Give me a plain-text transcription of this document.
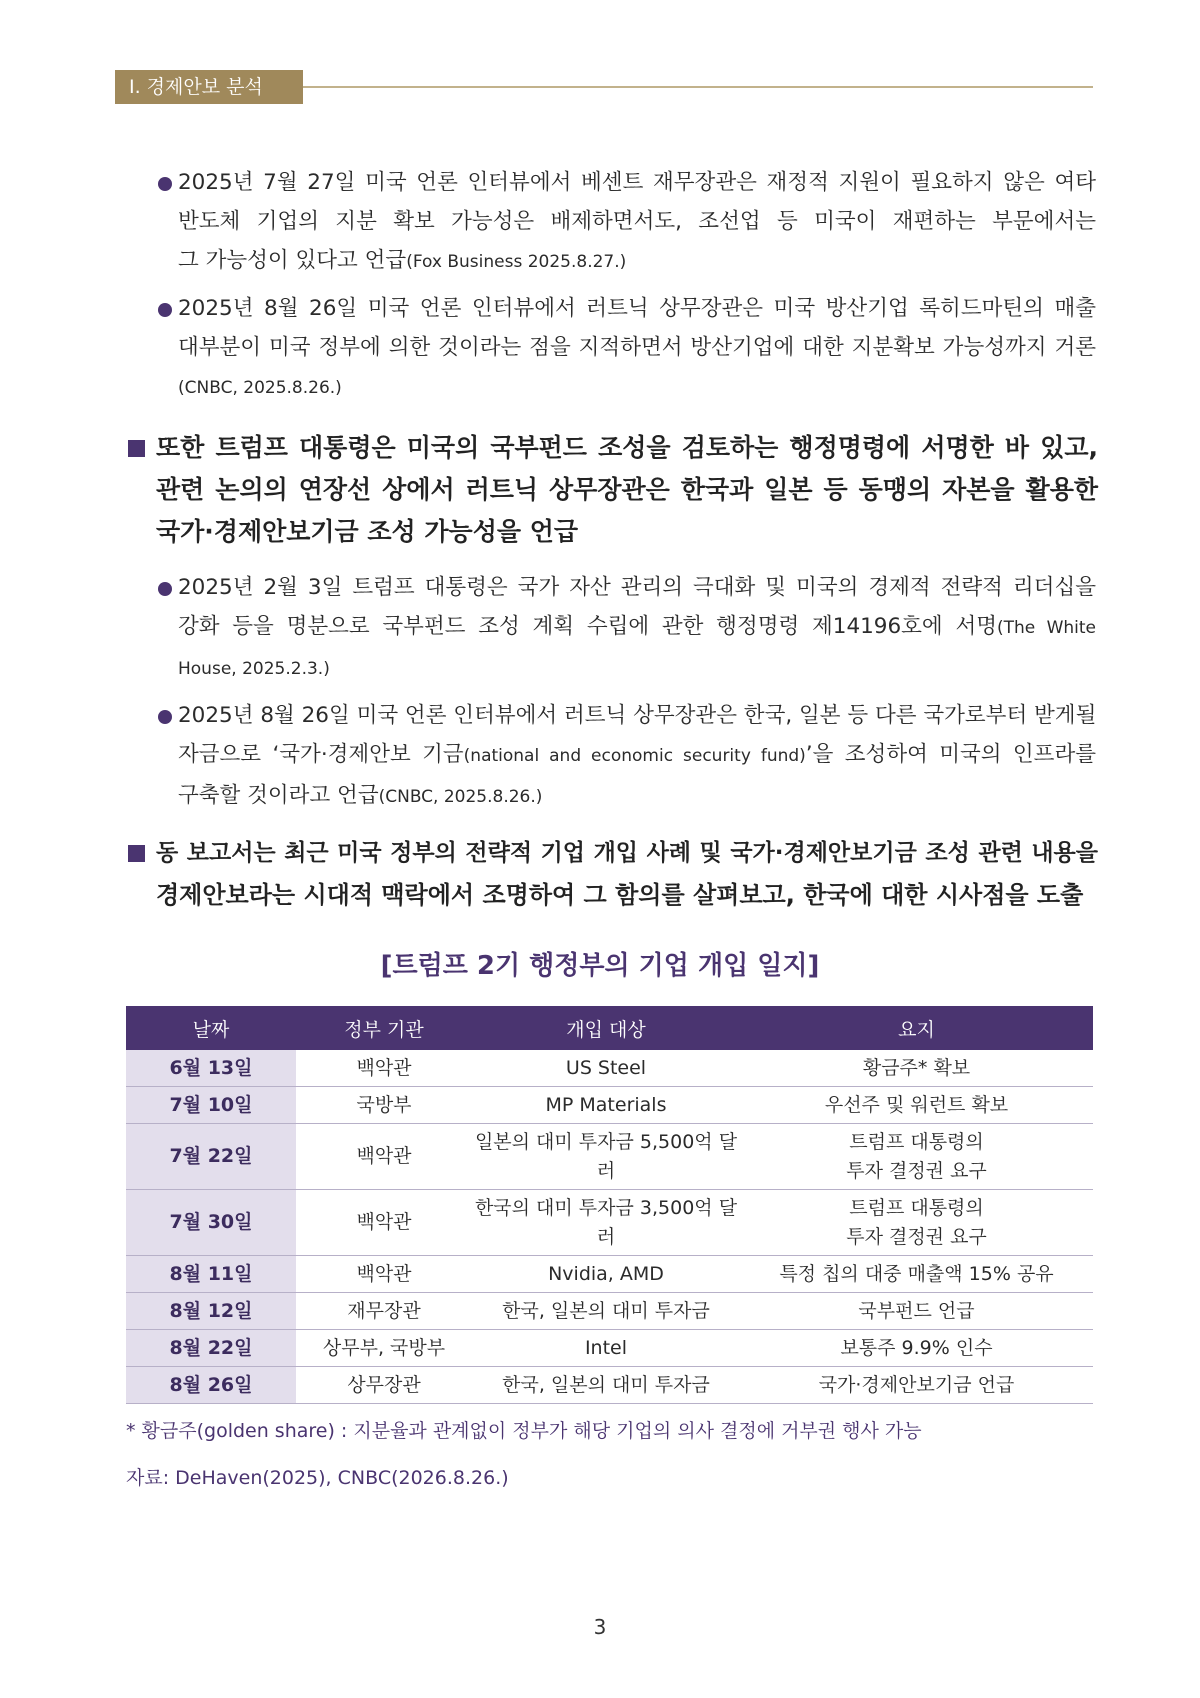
Ⅰ. 경제안보 분석
2025년 7월 27일 미국 언론 인터뷰에서 베센트 재무장관은 재정적 지원이 필요하지 않은 여타
반도체 기업의 지분 확보 가능성은 배제하면서도, 조선업 등 미국이 재편하는 부문에서는
그 가능성이 있다고 언급(Fox Business 2025.8.27.)
2025년 8월 26일 미국 언론 인터뷰에서 러트닉 상무장관은 미국 방산기업 록히드마틴의 매출
대부분이 미국 정부에 의한 것이라는 점을 지적하면서 방산기업에 대한 지분확보 가능성까지 거론
(CNBC, 2025.8.26.)
또한 트럼프 대통령은 미국의 국부펀드 조성을 검토하는 행정명령에 서명한 바 있고,
관련 논의의 연장선 상에서 러트닉 상무장관은 한국과 일본 등 동맹의 자본을 활용한
국가·경제안보기금 조성 가능성을 언급
2025년 2월 3일 트럼프 대통령은 국가 자산 관리의 극대화 및 미국의 경제적 전략적 리더십을
강화 등을 명분으로 국부펀드 조성 계획 수립에 관한 행정명령 제14196호에 서명(The White
House, 2025.2.3.)
2025년 8월 26일 미국 언론 인터뷰에서 러트닉 상무장관은 한국, 일본 등 다른 국가로부터 받게될
자금으로 ‘국가·경제안보 기금(national and economic security fund)’을 조성하여 미국의 인프라를
구축할 것이라고 언급(CNBC, 2025.8.26.)
동 보고서는 최근 미국 정부의 전략적 기업 개입 사례 및 국가·경제안보기금 조성 관련 내용을
경제안보라는 시대적 맥락에서 조명하여 그 함의를 살펴보고, 한국에 대한 시사점을 도출
[트럼프 2기 행정부의 기업 개입 일지]
날짜	정부 기관	개입 대상	요지
6월 13일	백악관	US Steel	황금주* 확보
7월 10일	국방부	MP Materials	우선주 및 워런트 확보
7월 22일	백악관	일본의 대미 투자금 5,500억 달러	트럼프 대통령의
투자 결정권 요구
7월 30일	백악관	한국의 대미 투자금 3,500억 달러	트럼프 대통령의
투자 결정권 요구
8월 11일	백악관	Nvidia, AMD	특정 칩의 대중 매출액 15% 공유
8월 12일	재무장관	한국, 일본의 대미 투자금	국부펀드 언급
8월 22일	상무부, 국방부	Intel	보통주 9.9% 인수
8월 26일	상무장관	한국, 일본의 대미 투자금	국가·경제안보기금 언급
* 황금주(golden share) : 지분율과 관계없이 정부가 해당 기업의 의사 결정에 거부권 행사 가능
자료: DeHaven(2025), CNBC(2026.8.26.)
3
